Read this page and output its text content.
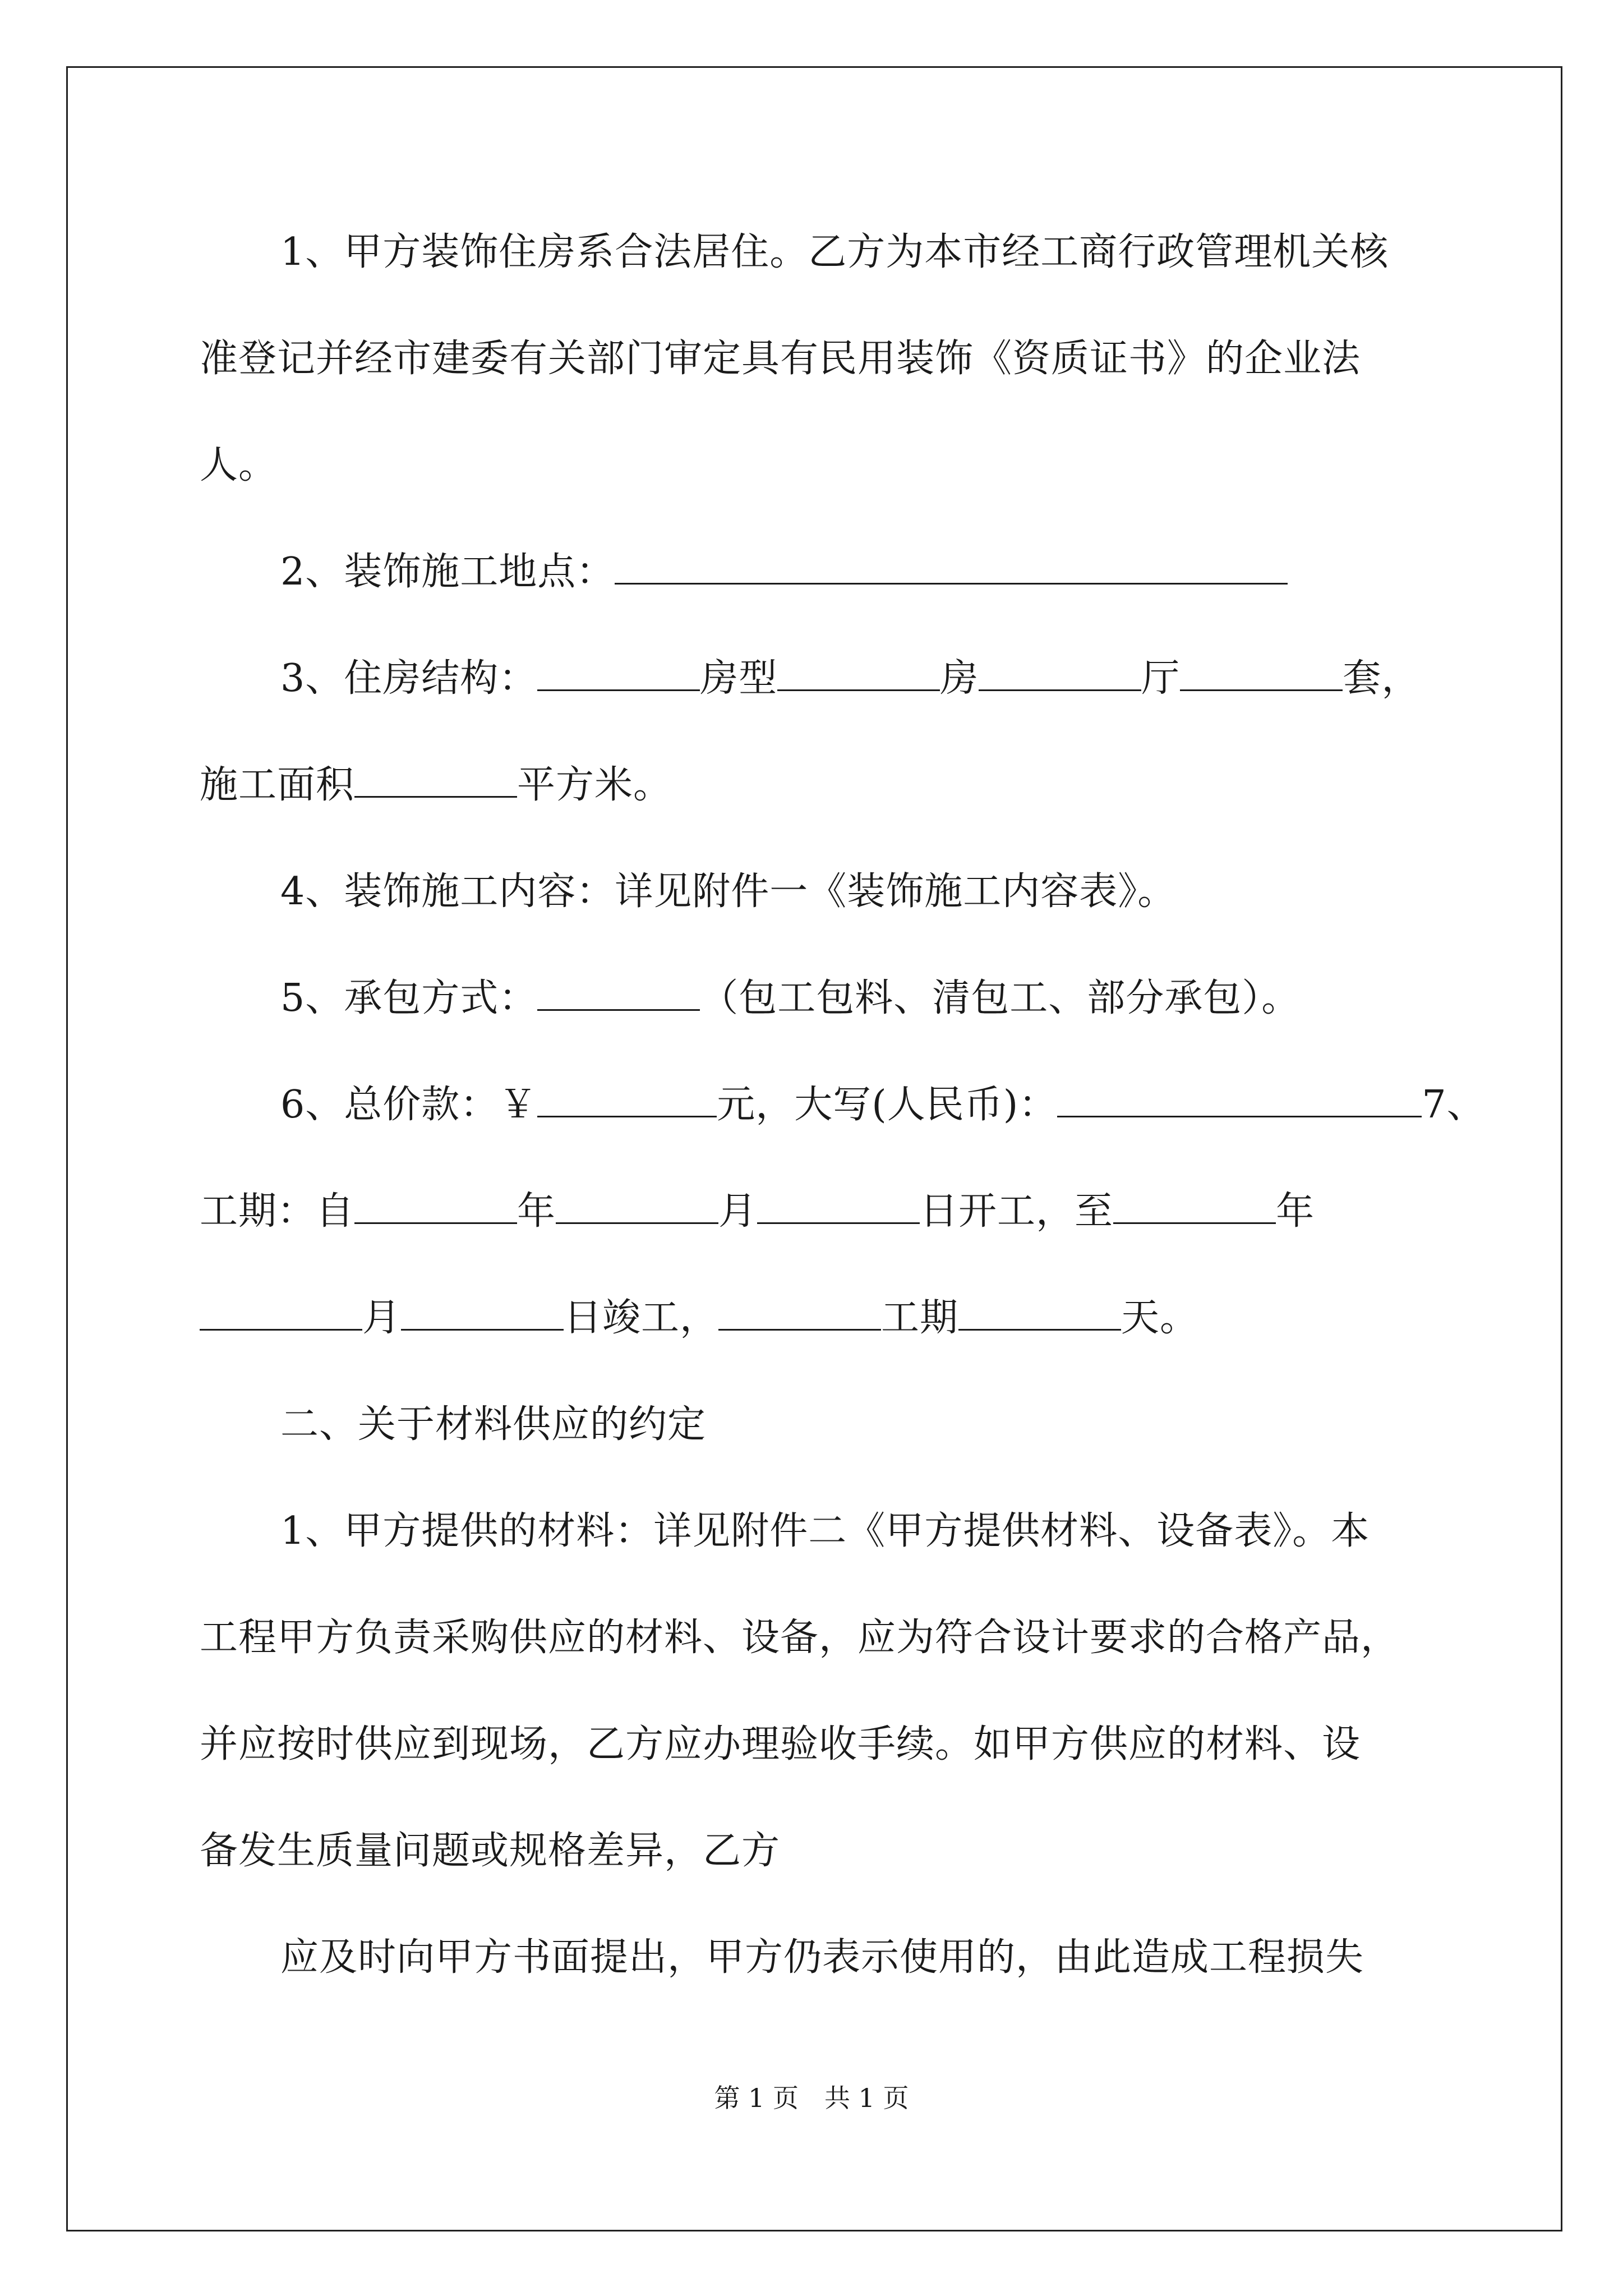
1、甲方装饰住房系合法居住。乙方为本市经工商行政管理机关核
准登记并经市建委有关部门审定具有民用装饰《资质证书》的企业法
人。
2、装饰施工地点：
3、住房结构：	房型	房	厅	套，
施工面积	平方米。
4、装饰施工内容：详见附件一《装饰施工内容表》。
5、承包方式：	（包工包料、清包工、部分承包）。
6、总价款：￥	元，大写(人民币)：	7、
工期：自	年	月	日开工，至	年
月	日竣工，	工期	天。
二、关于材料供应的约定
1、甲方提供的材料：详见附件二《甲方提供材料、设备表》。本
工程甲方负责采购供应的材料、设备，应为符合设计要求的合格产品，
并应按时供应到现场，乙方应办理验收手续。如甲方供应的材料、设
备发生质量问题或规格差异，乙方
应及时向甲方书面提出，甲方仍表示使用的，由此造成工程损失
第 1 页　共 1 页
